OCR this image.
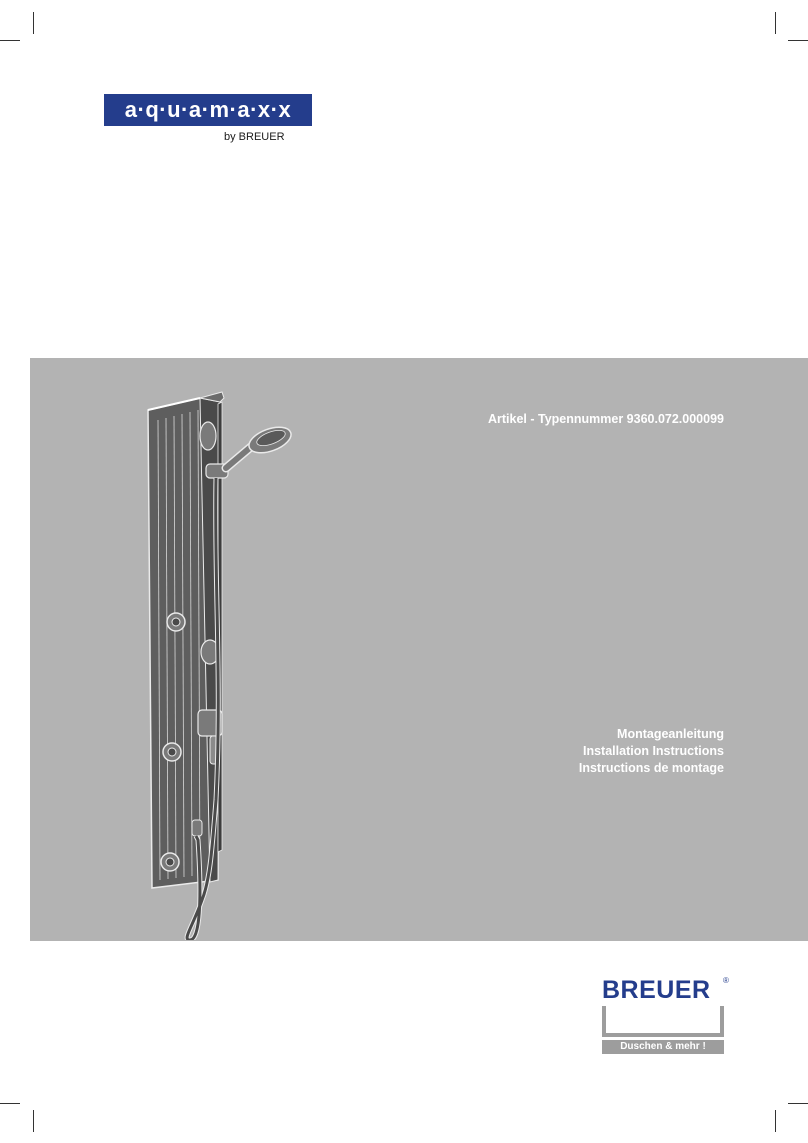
a·q·u·a·m·a·x·x
by BREUER
Artikel - Typennummer 9360.072.000099
Montageanleitung
Installation Instructions
Instructions de montage
BREUER	®
Duschen & mehr !
